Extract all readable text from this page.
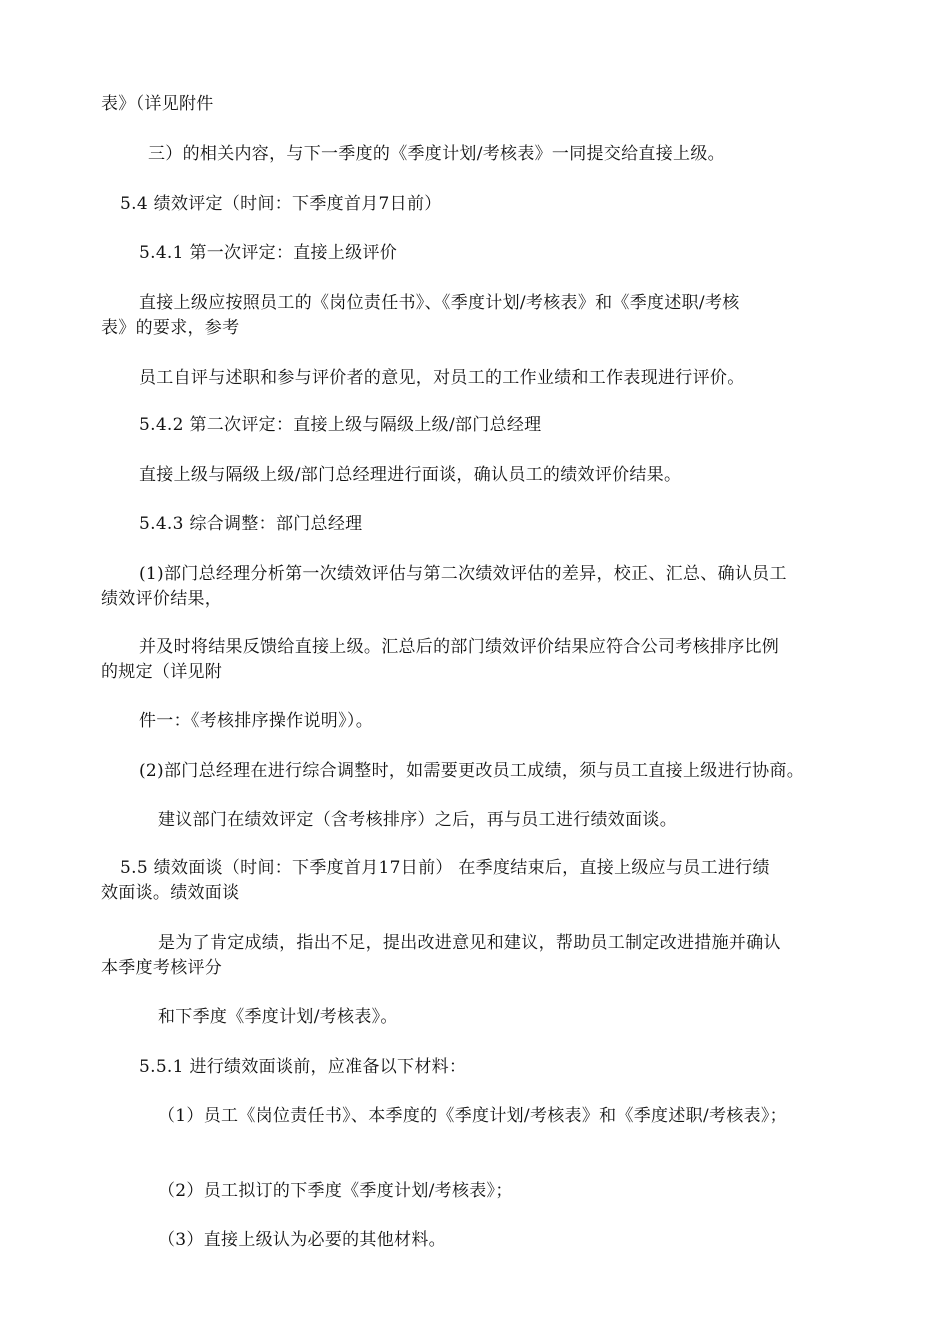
表》（详见附件
三）的相关内容，与下一季度的《季度计划/考核表》一同提交给直接上级。
5.4 绩效评定（时间：下季度首月7日前）
5.4.1 第一次评定：直接上级评价
直接上级应按照员工的《岗位责任书》、《季度计划/考核表》和《季度述职/考核
表》的要求，参考
员工自评与述职和参与评价者的意见，对员工的工作业绩和工作表现进行评价。
5.4.2 第二次评定：直接上级与隔级上级/部门总经理
直接上级与隔级上级/部门总经理进行面谈，确认员工的绩效评价结果。
5.4.3 综合调整：部门总经理
(1)部门总经理分析第一次绩效评估与第二次绩效评估的差异，校正、汇总、确认员工
绩效评价结果，
并及时将结果反馈给直接上级。汇总后的部门绩效评价结果应符合公司考核排序比例
的规定（详见附
件一：《考核排序操作说明》）。
(2)部门总经理在进行综合调整时，如需要更改员工成绩，须与员工直接上级进行协商。
建议部门在绩效评定（含考核排序）之后，再与员工进行绩效面谈。
5.5 绩效面谈（时间：下季度首月17日前） 在季度结束后，直接上级应与员工进行绩
效面谈。绩效面谈
是为了肯定成绩，指出不足，提出改进意见和建议，帮助员工制定改进措施并确认
本季度考核评分
和下季度《季度计划/考核表》。
5.5.1 进行绩效面谈前，应准备以下材料：
（1）员工《岗位责任书》、本季度的《季度计划/考核表》和《季度述职/考核表》；
（2）员工拟订的下季度《季度计划/考核表》；
（3）直接上级认为必要的其他材料。
